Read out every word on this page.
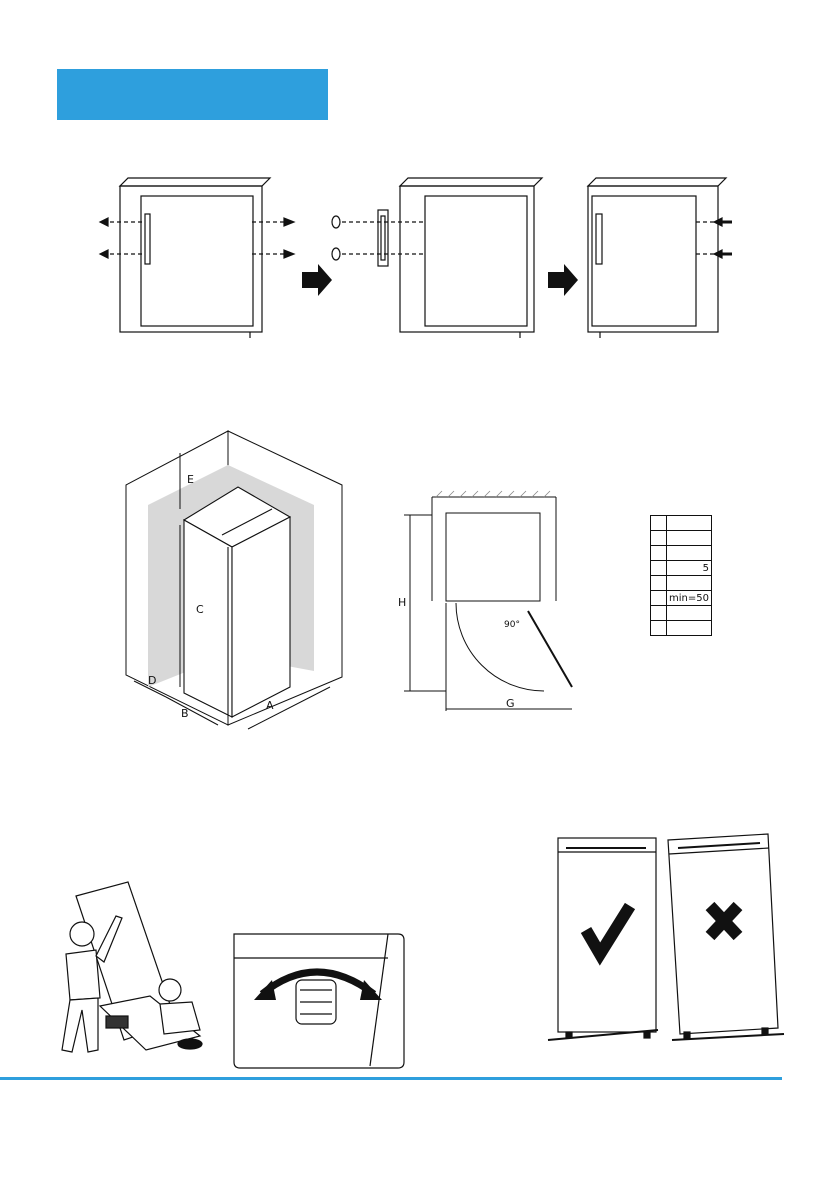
E
C
D
B
A
H
G
90°

	5

	min=50
